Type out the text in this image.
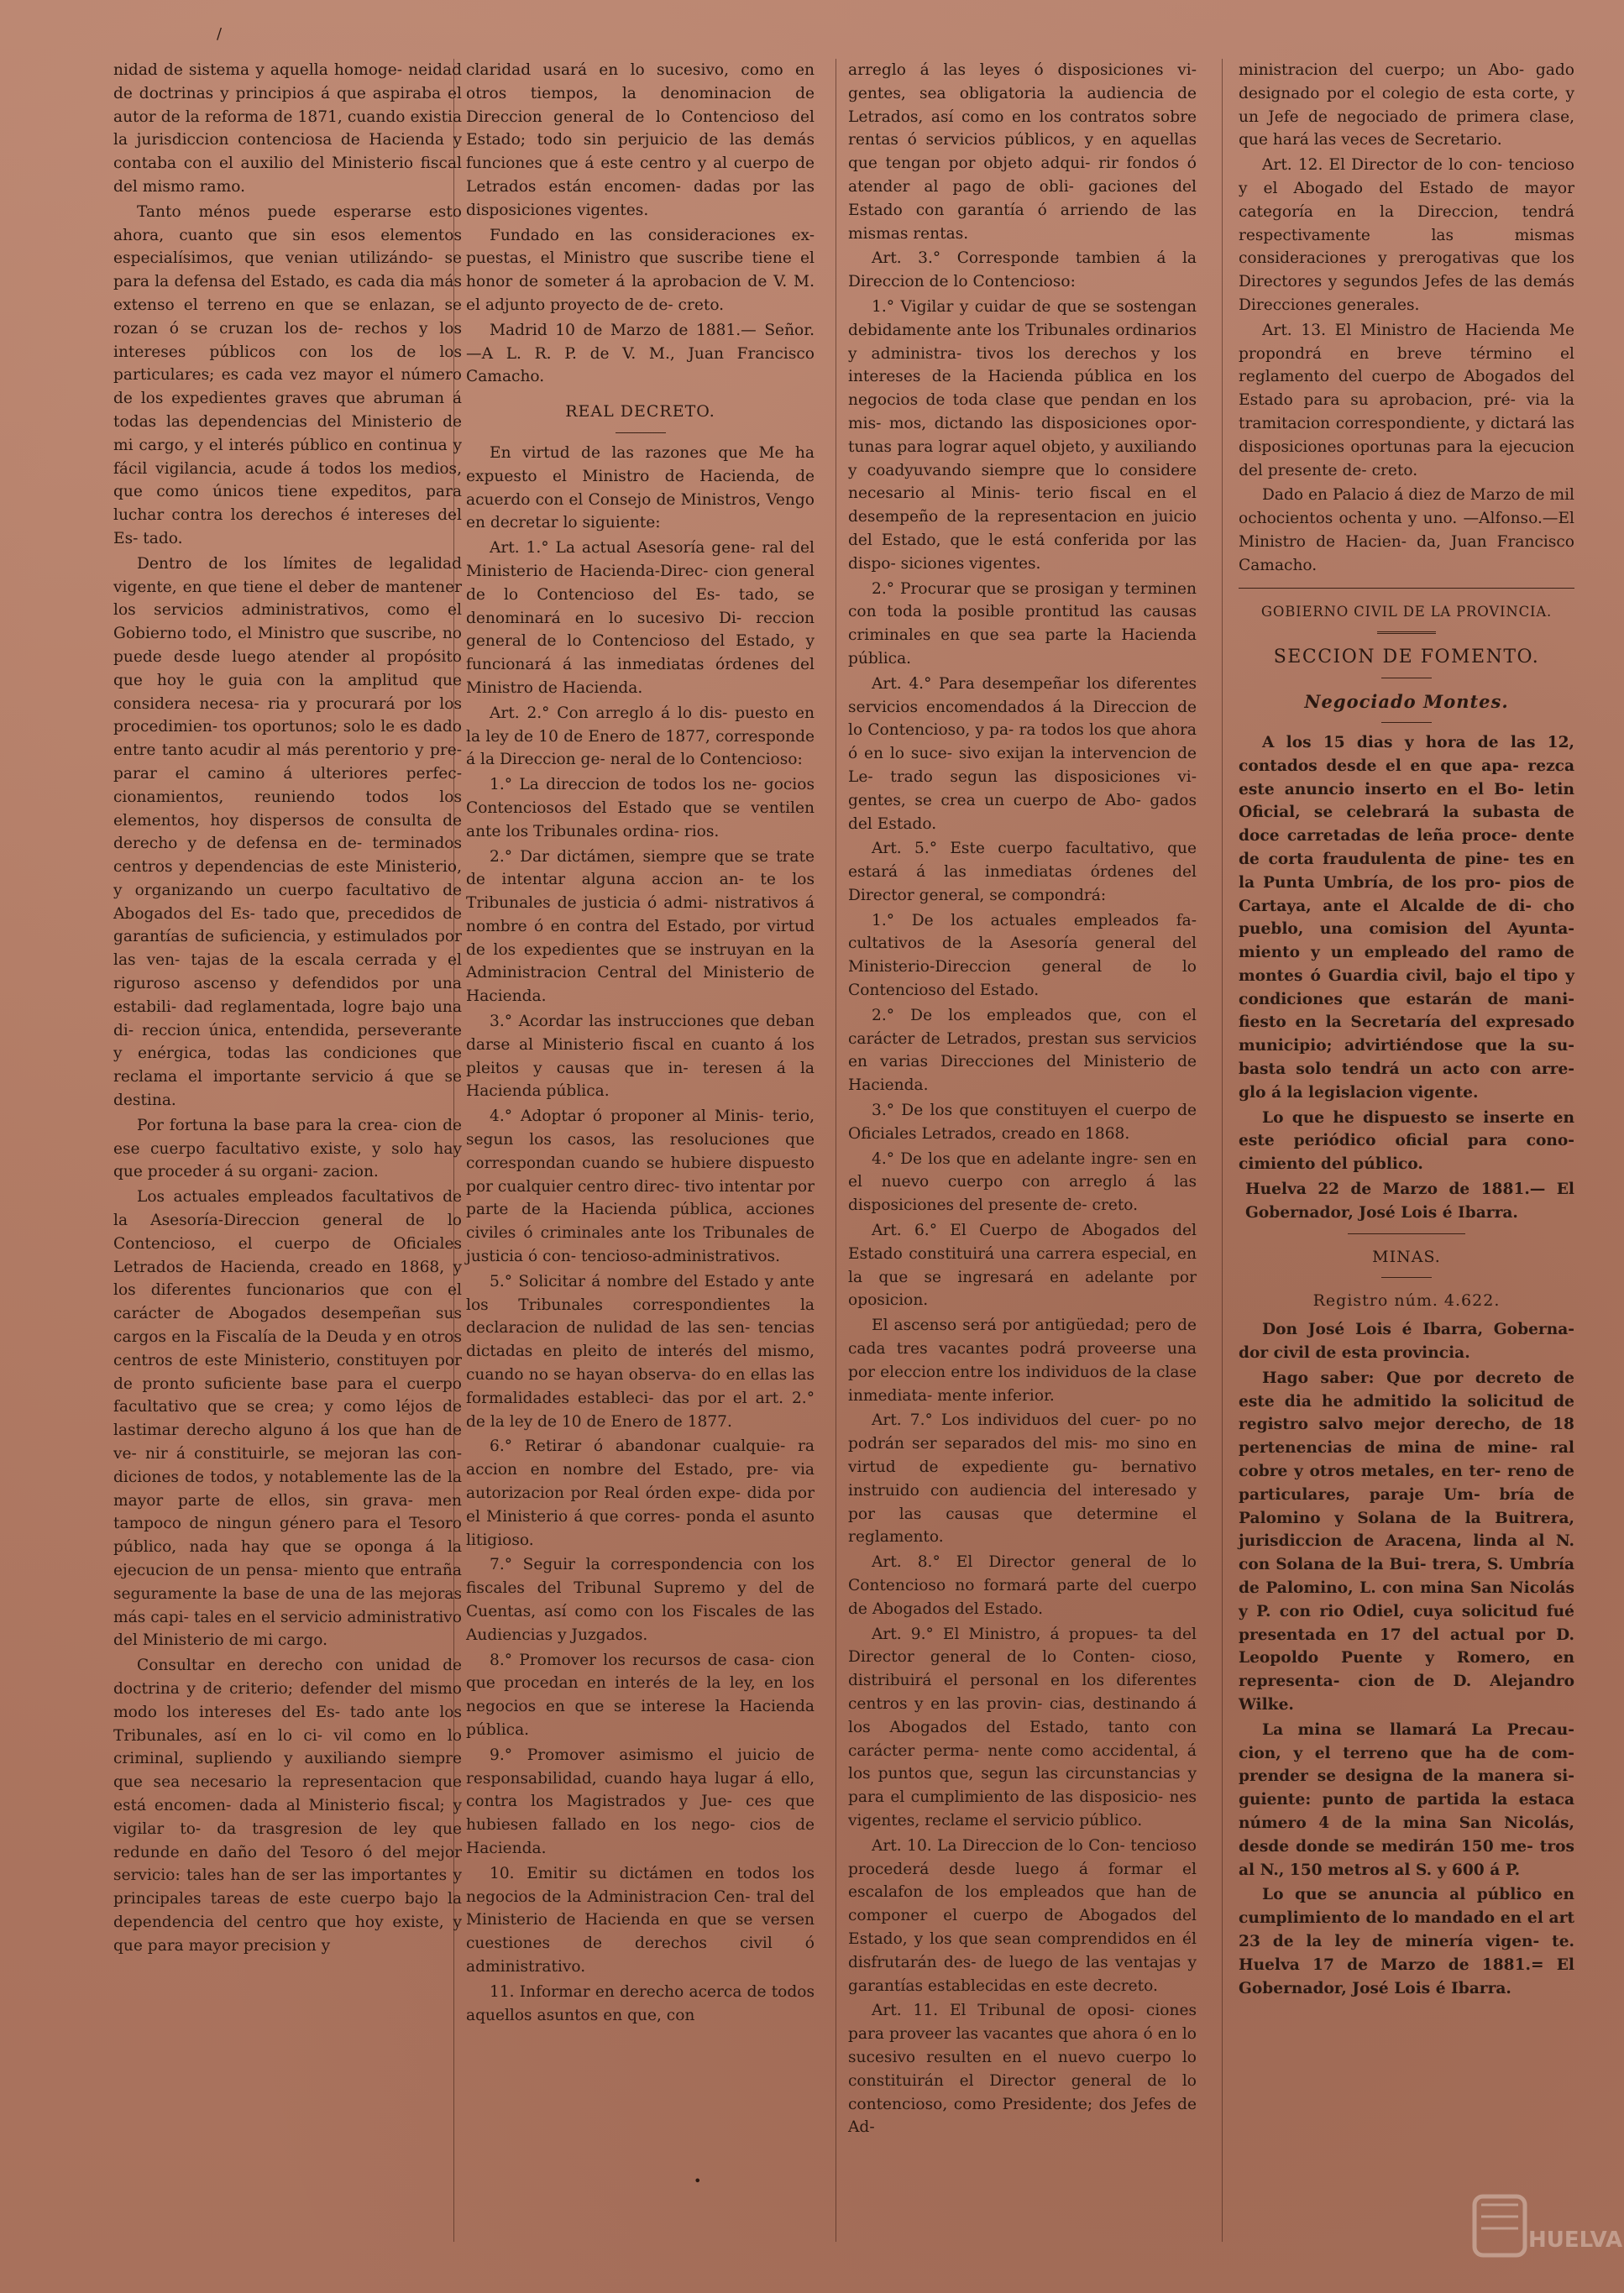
/

nidad de sistema y aquella homoge- neidad de doctrinas y principios á que aspiraba el autor de la reforma de 1871, cuando existia la jurisdiccion contenciosa de Hacienda y contaba con el auxilio del Ministerio fiscal del mismo ramo.

Tanto ménos puede esperarse esto ahora, cuanto que sin esos elementos especialísimos, que venian utilizándo- se para la defensa del Estado, es cada dia más extenso el terreno en que se enlazan, se rozan ó se cruzan los de- rechos y los intereses públicos con los de los particulares; es cada vez mayor el número de los expedientes graves que abruman á todas las dependencias del Ministerio de mi cargo, y el interés público en continua y fácil vigilancia, acude á todos los medios, que como únicos tiene expeditos, para luchar contra los derechos é intereses del Es- tado.

Dentro de los límites de legalidad vigente, en que tiene el deber de mantener los servicios administrativos, como el Gobierno todo, el Ministro que suscribe, no puede desde luego atender al propósito que hoy le guia con la amplitud que considera necesa- ria y procurará por los procedimien- tos oportunos; solo le es dado entre tanto acudir al más perentorio y pre- parar el camino á ulteriores perfec- cionamientos, reuniendo todos los elementos, hoy dispersos de consulta de derecho y de defensa en de- terminados centros y dependencias de este Ministerio, y organizando un cuerpo facultativo de Abogados del Es- tado que, precedidos de garantías de suficiencia, y estimulados por las ven- tajas de la escala cerrada y el riguroso ascenso y defendidos por una estabili- dad reglamentada, logre bajo una di- reccion única, entendida, perseverante y enérgica, todas las condiciones que reclama el importante servicio á que se destina.

Por fortuna la base para la crea- cion de ese cuerpo facultativo existe, y solo hay que proceder á su organi- zacion.

Los actuales empleados facultativos de la Asesoría-Direccion general de lo Contencioso, el cuerpo de Oficiales Letrados de Hacienda, creado en 1868, y los diferentes funcionarios que con el carácter de Abogados desempeñan sus cargos en la Fiscalía de la Deuda y en otros centros de este Ministerio, constituyen por de pronto suficiente base para el cuerpo facultativo que se crea; y como léjos de lastimar derecho alguno á los que han de ve- nir á constituirle, se mejoran las con- diciones de todos, y notablemente las de la mayor parte de ellos, sin grava- men tampoco de ningun género para el Tesoro público, nada hay que se oponga á la ejecucion de un pensa- miento que entraña seguramente la base de una de las mejoras más capi- tales en el servicio administrativo del Ministerio de mi cargo.

Consultar en derecho con unidad de doctrina y de criterio; defender del mismo modo los intereses del Es- tado ante los Tribunales, así en lo ci- vil como en lo criminal, supliendo y auxiliando siempre que sea necesario la representacion que está encomen- dada al Ministerio fiscal; y vigilar to- da trasgresion de ley que redunde en daño del Tesoro ó del mejor servicio: tales han de ser las importantes y principales tareas de este cuerpo bajo la dependencia del centro que hoy existe, y que para mayor precision y

claridad usará en lo sucesivo, como en otros tiempos, la denominacion de Direccion general de lo Contencioso del Estado; todo sin perjuicio de las demás funciones que á este centro y al cuerpo de Letrados están encomen- dadas por las disposiciones vigentes.

Fundado en las consideraciones ex- puestas, el Ministro que suscribe tiene el honor de someter á la aprobacion de V. M. el adjunto proyecto de de- creto.

Madrid 10 de Marzo de 1881.— Señor. —A L. R. P. de V. M., Juan Francisco Camacho.

REAL DECRETO.

En virtud de las razones que Me ha expuesto el Ministro de Hacienda, de acuerdo con el Consejo de Ministros, Vengo en decretar lo siguiente:

Art. 1.° La actual Asesoría gene- ral del Ministerio de Hacienda-Direc- cion general de lo Contencioso del Es- tado, se denominará en lo sucesivo Di- reccion general de lo Contencioso del Estado, y funcionará á las inmediatas órdenes del Ministro de Hacienda.

Art. 2.° Con arreglo á lo dis- puesto en la ley de 10 de Enero de 1877, corresponde á la Direccion ge- neral de lo Contencioso:

1.° La direccion de todos los ne- gocios Contenciosos del Estado que se ventilen ante los Tribunales ordina- rios.

2.° Dar dictámen, siempre que se trate de intentar alguna accion an- te los Tribunales de justicia ó admi- nistrativos á nombre ó en contra del Estado, por virtud de los expedientes que se instruyan en la Administracion Central del Ministerio de Hacienda.

3.° Acordar las instrucciones que deban darse al Ministerio fiscal en cuanto á los pleitos y causas que in- teresen á la Hacienda pública.

4.° Adoptar ó proponer al Minis- terio, segun los casos, las resoluciones que correspondan cuando se hubiere dispuesto por cualquier centro direc- tivo intentar por parte de la Hacienda pública, acciones civiles ó criminales ante los Tribunales de justicia ó con- tencioso-administrativos.

5.° Solicitar á nombre del Estado y ante los Tribunales correspondientes la declaracion de nulidad de las sen- tencias dictadas en pleito de interés del mismo, cuando no se hayan observa- do en ellas las formalidades estableci- das por el art. 2.° de la ley de 10 de Enero de 1877.

6.° Retirar ó abandonar cualquie- ra accion en nombre del Estado, pre- via autorizacion por Real órden expe- dida por el Ministerio á que corres- ponda el asunto litigioso.

7.° Seguir la correspondencia con los fiscales del Tribunal Supremo y del de Cuentas, así como con los Fiscales de las Audiencias y Juzgados.

8.° Promover los recursos de casa- cion que procedan en interés de la ley, en los negocios en que se interese la Hacienda pública.

9.° Promover asimismo el juicio de responsabilidad, cuando haya lugar á ello, contra los Magistrados y Jue- ces que hubiesen fallado en los nego- cios de Hacienda.

10. Emitir su dictámen en todos los negocios de la Administracion Cen- tral del Ministerio de Hacienda en que se versen cuestiones de derechos civil ó administrativo.

11. Informar en derecho acerca de todos aquellos asuntos en que, con

arreglo á las leyes ó disposiciones vi- gentes, sea obligatoria la audiencia de Letrados, así como en los contratos sobre rentas ó servicios públicos, y en aquellas que tengan por objeto adqui- rir fondos ó atender al pago de obli- gaciones del Estado con garantía ó arriendo de las mismas rentas.

Art. 3.° Corresponde tambien á la Direccion de lo Contencioso:

1.° Vigilar y cuidar de que se sostengan debidamente ante los Tribunales ordinarios y administra- tivos los derechos y los intereses de la Hacienda pública en los negocios de toda clase que pendan en los mis- mos, dictando las disposiciones opor- tunas para lograr aquel objeto, y auxiliando y coadyuvando siempre que lo considere necesario al Minis- terio fiscal en el desempeño de la representacion en juicio del Estado, que le está conferida por las dispo- siciones vigentes.

2.° Procurar que se prosigan y terminen con toda la posible prontitud las causas criminales en que sea parte la Hacienda pública.

Art. 4.° Para desempeñar los diferentes servicios encomendados á la Direccion de lo Contencioso, y pa- ra todos los que ahora ó en lo suce- sivo exijan la intervencion de Le- trado segun las disposiciones vi- gentes, se crea un cuerpo de Abo- gados del Estado.

Art. 5.° Este cuerpo facultativo, que estará á las inmediatas órdenes del Director general, se compondrá:

1.° De los actuales empleados fa- cultativos de la Asesoría general del Ministerio-Direccion general de lo Contencioso del Estado.

2.° De los empleados que, con el carácter de Letrados, prestan sus servicios en varias Direcciones del Ministerio de Hacienda.

3.° De los que constituyen el cuerpo de Oficiales Letrados, creado en 1868.

4.° De los que en adelante ingre- sen en el nuevo cuerpo con arreglo á las disposiciones del presente de- creto.

Art. 6.° El Cuerpo de Abogados del Estado constituirá una carrera especial, en la que se ingresará en adelante por oposicion.

El ascenso será por antigüedad; pero de cada tres vacantes podrá proveerse una por eleccion entre los individuos de la clase inmediata- mente inferior.

Art. 7.° Los individuos del cuer- po no podrán ser separados del mis- mo sino en virtud de expediente gu- bernativo instruido con audiencia del interesado y por las causas que determine el reglamento.

Art. 8.° El Director general de lo Contencioso no formará parte del cuerpo de Abogados del Estado.

Art. 9.° El Ministro, á propues- ta del Director general de lo Conten- cioso, distribuirá el personal en los diferentes centros y en las provin- cias, destinando á los Abogados del Estado, tanto con carácter perma- nente como accidental, á los puntos que, segun las circunstancias y para el cumplimiento de las disposicio- nes vigentes, reclame el servicio público.

Art. 10. La Direccion de lo Con- tencioso procederá desde luego á formar el escalafon de los empleados que han de componer el cuerpo de Abogados del Estado, y los que sean comprendidos en él disfrutarán des- de luego de las ventajas y garantías establecidas en este decreto.

Art. 11. El Tribunal de oposi- ciones para proveer las vacantes que ahora ó en lo sucesivo resulten en el nuevo cuerpo lo constituirán el Director general de lo contencioso, como Presidente; dos Jefes de Ad-

ministracion del cuerpo; un Abo- gado designado por el colegio de esta corte, y un Jefe de negociado de primera clase, que hará las veces de Secretario.

Art. 12. El Director de lo con- tencioso y el Abogado del Estado de mayor categoría en la Direccion, tendrá respectivamente las mismas consideraciones y prerogativas que los Directores y segundos Jefes de las demás Direcciones generales.

Art. 13. El Ministro de Hacienda Me propondrá en breve término el reglamento del cuerpo de Abogados del Estado para su aprobacion, pré- via la tramitacion correspondiente, y dictará las disposiciones oportunas para la ejecucion del presente de- creto.

Dado en Palacio á diez de Marzo de mil ochocientos ochenta y uno. —Alfonso.—El Ministro de Hacien- da, Juan Francisco Camacho.

GOBIERNO CIVIL DE LA PROVINCIA.
SECCION DE FOMENTO.
Negociado Montes.

A los 15 dias y hora de las 12, contados desde el en que apa- rezca este anuncio inserto en el Bo- letin Oficial, se celebrará la subasta de doce carretadas de leña proce- dente de corta fraudulenta de pine- tes en la Punta Umbría, de los pro- pios de Cartaya, ante el Alcalde de di- cho pueblo, una comision del Ayunta- miento y un empleado del ramo de montes ó Guardia civil, bajo el tipo y condiciones que estarán de mani- fiesto en la Secretaría del expresado municipio; advirtiéndose que la su- basta solo tendrá un acto con arre- glo á la legislacion vigente.

Lo que he dispuesto se inserte en este periódico oficial para cono- cimiento del público.

Huelva 22 de Marzo de 1881.— El Gobernador, José Lois é Ibarra.

MINAS.
Registro núm. 4.622.

Don José Lois é Ibarra, Goberna- dor civil de esta provincia.

Hago saber: Que por decreto de este dia he admitido la solicitud de registro salvo mejor derecho, de 18 pertenencias de mina de mine- ral cobre y otros metales, en ter- reno de particulares, paraje Um- bría de Palomino y Solana de la Buitrera, jurisdiccion de Aracena, linda al N. con Solana de la Bui- trera, S. Umbría de Palomino, L. con mina San Nicolás y P. con rio Odiel, cuya solicitud fué presentada en 17 del actual por D. Leopoldo Puente y Romero, en representa- cion de D. Alejandro Wilke.

La mina se llamará La Precau- cion, y el terreno que ha de com- prender se designa de la manera si- guiente: punto de partida la estaca número 4 de la mina San Nicolás, desde donde se medirán 150 me- tros al N., 150 metros al S. y 600 á P.

Lo que se anuncia al público en cumplimiento de lo mandado en el art 23 de la ley de minería vigen- te. Huelva 17 de Marzo de 1881.= El Gobernador, José Lois é Ibarra.

•
HUELVA
